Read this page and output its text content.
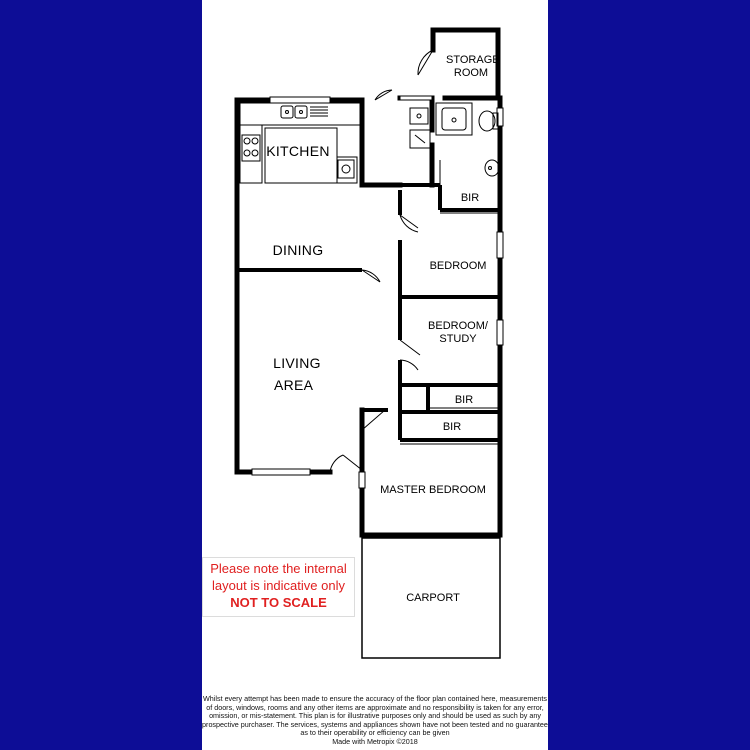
STORAGE ROOM
KITCHEN
DINING
BIR
BEDROOM
BEDROOM/
STUDY
LIVING
AREA
BIR
BIR
MASTER BEDROOM
CARPORT
Please note the internal
layout is indicative only
NOT TO SCALE
Whilst every attempt has been made to ensure the accuracy of the floor plan contained here, measurements of doors, windows, rooms and any other items are approximate and no responsibility is taken for any error, omission, or mis-statement. This plan is for illustrative purposes only and should be used as such by any prospective purchaser. The services, systems and appliances shown have not been tested and no guarantee as to their operability or efficiency can be given
Made with Metropix ©2018
